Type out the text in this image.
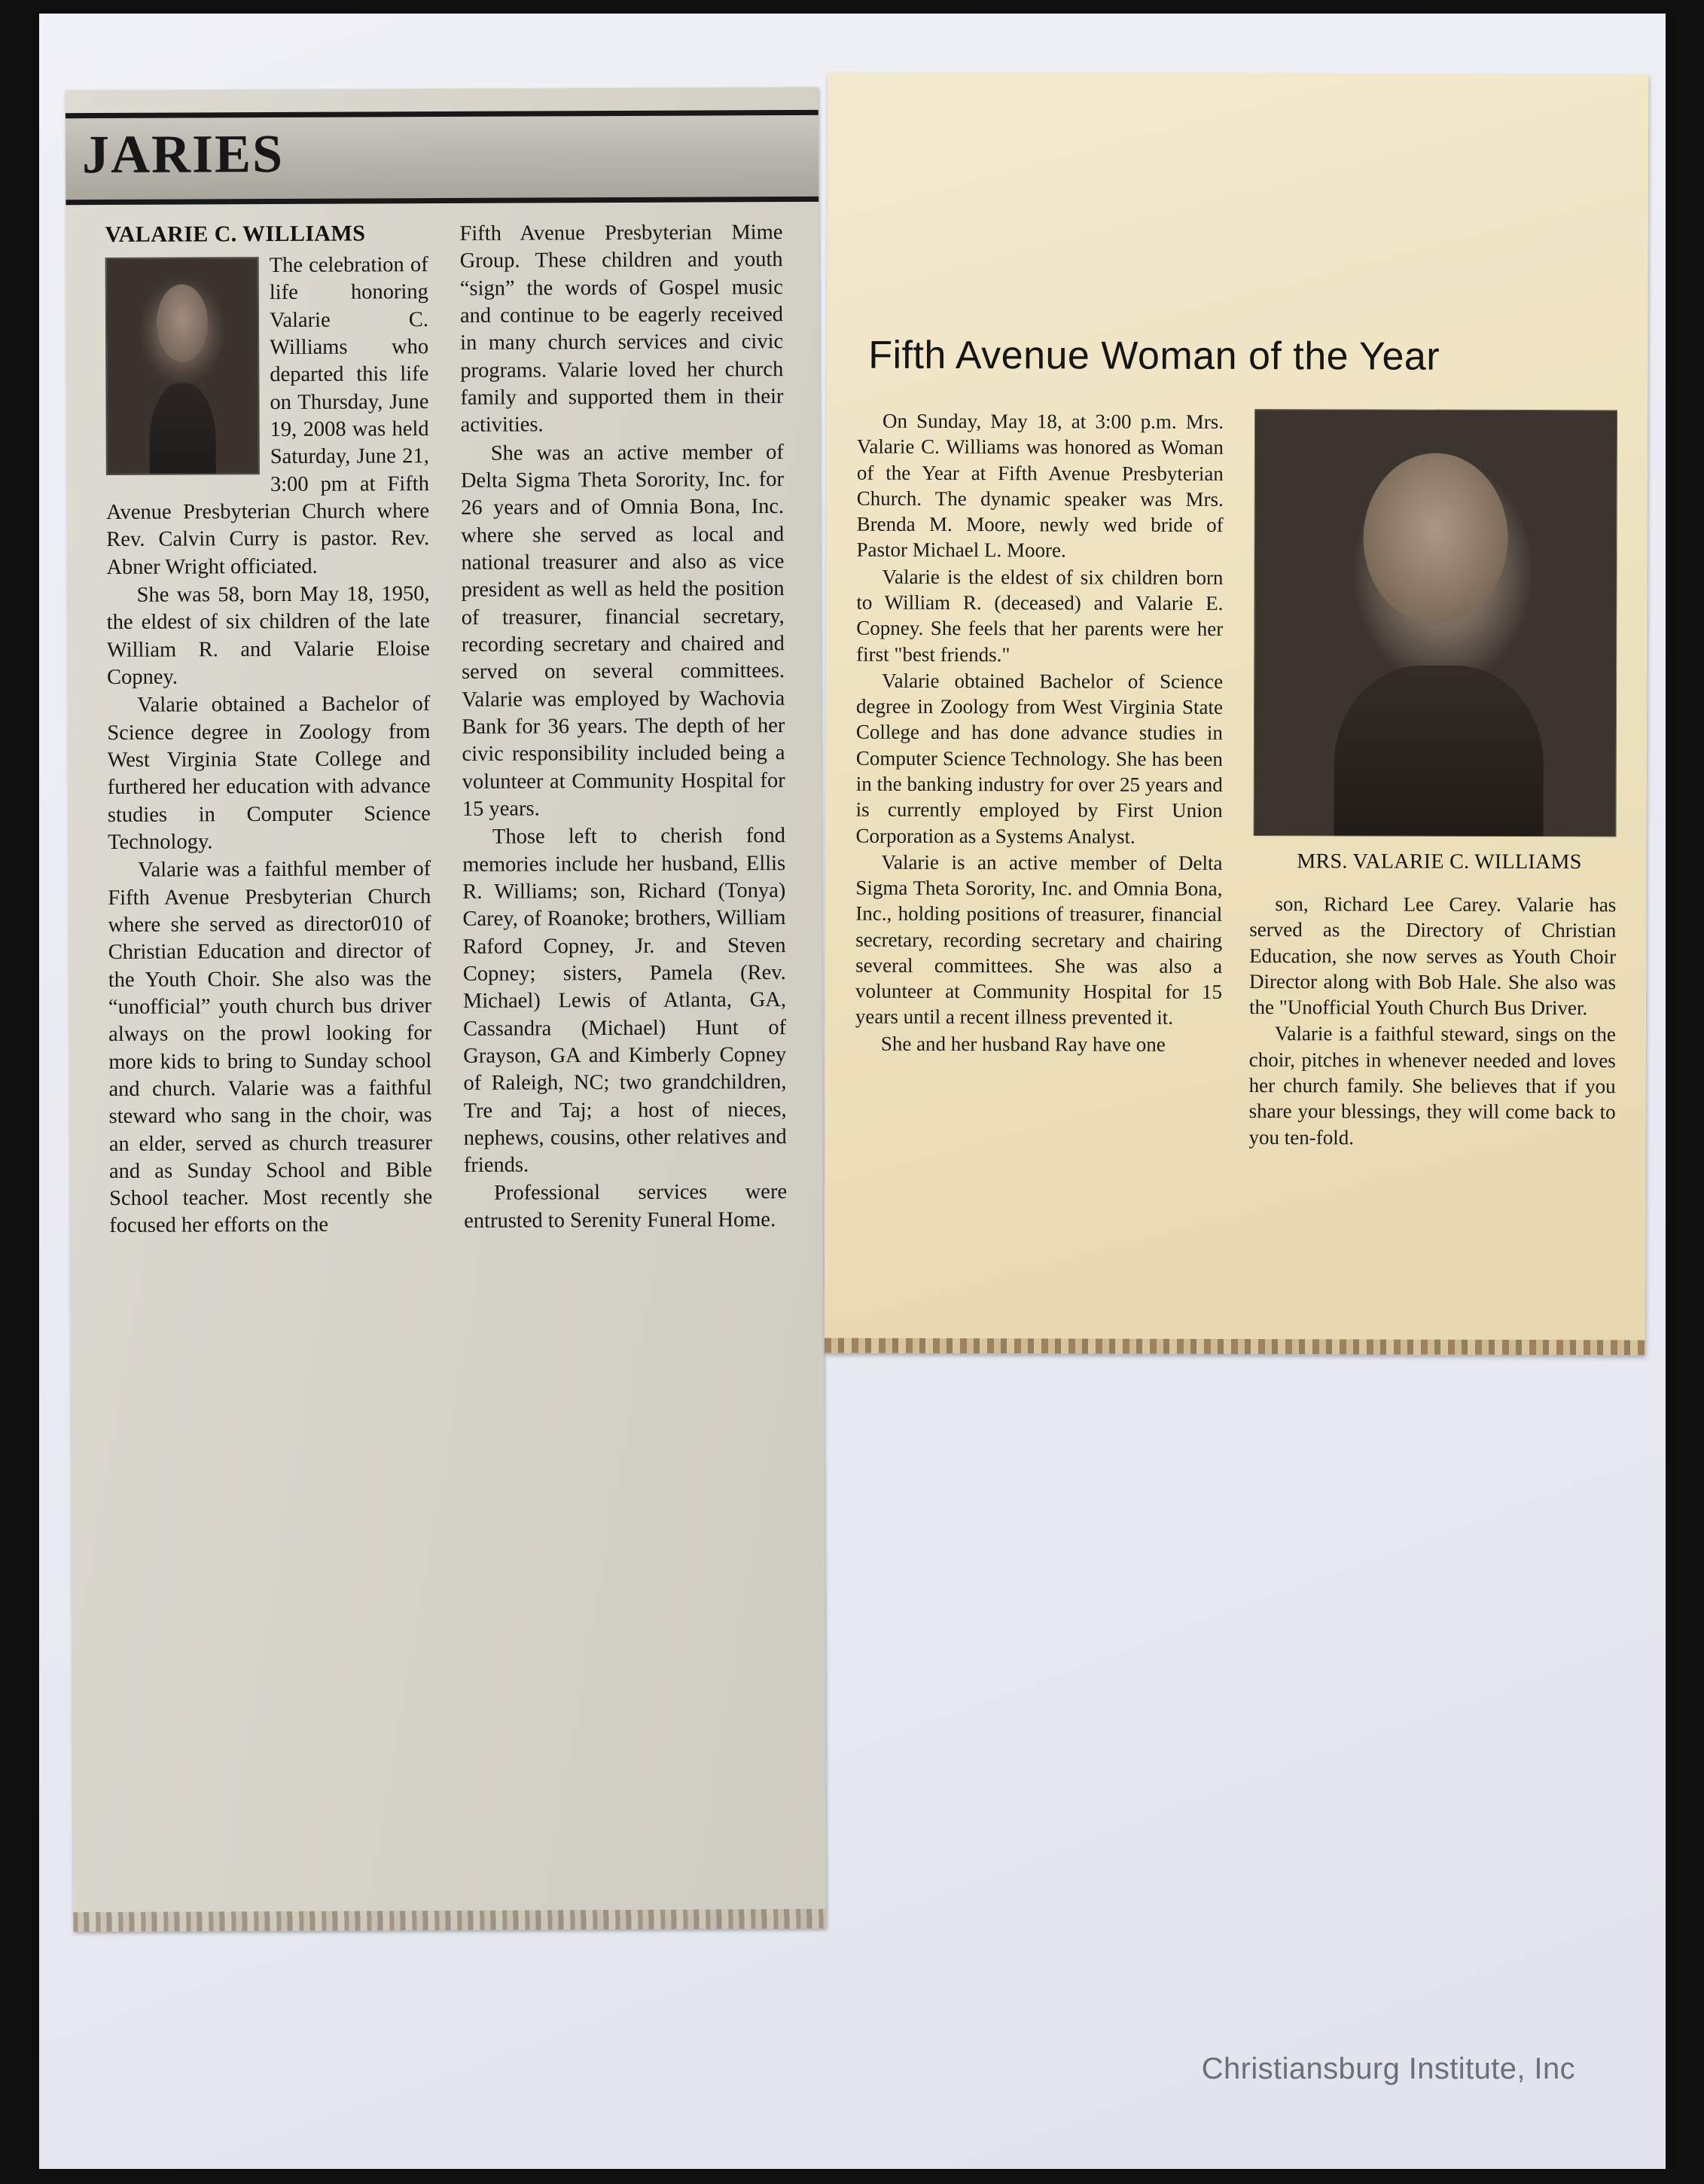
JARIES
VALARIE C. WILLIAMS

The celebration of life honoring Valarie C. Williams who departed this life on Thursday, June 19, 2008 was held Saturday, June 21, 3:00 pm at Fifth Avenue Presbyterian Church where Rev. Calvin Curry is pastor. Rev. Abner Wright officiated.

She was 58, born May 18, 1950, the eldest of six children of the late William R. and Valarie Eloise Copney.

Valarie obtained a Bachelor of Science degree in Zoology from West Virginia State College and furthered her education with advance studies in Computer Science Technology.

Valarie was a faithful member of Fifth Avenue Presbyterian Church where she served as director010 of Christian Education and director of the Youth Choir. She also was the “unofficial” youth church bus driver always on the prowl looking for more kids to bring to Sunday school and church. Valarie was a faithful steward who sang in the choir, was an elder, served as church treasurer and as Sunday School and Bible School teacher. Most recently she focused her efforts on the

Fifth Avenue Presbyterian Mime Group. These children and youth “sign” the words of Gospel music and continue to be eagerly received in many church services and civic programs. Valarie loved her church family and supported them in their activities.

She was an active member of Delta Sigma Theta Sorority, Inc. for 26 years and of Omnia Bona, Inc. where she served as local and national treasurer and also as vice president as well as held the position of treasurer, financial secretary, recording secretary and chaired and served on several committees. Valarie was employed by Wachovia Bank for 36 years. The depth of her civic responsibility included being a volunteer at Community Hospital for 15 years.

Those left to cherish fond memories include her husband, Ellis R. Williams; son, Richard (Tonya) Carey, of Roanoke; brothers, William Raford Copney, Jr. and Steven Copney; sisters, Pamela (Rev. Michael) Lewis of Atlanta, GA, Cassandra (Michael) Hunt of Grayson, GA and Kimberly Copney of Raleigh, NC; two grandchildren, Tre and Taj; a host of nieces, nephews, cousins, other relatives and friends.

Professional services were entrusted to Serenity Funeral Home.

Fifth Avenue Woman of the Year

On Sunday, May 18, at 3:00 p.m. Mrs. Valarie C. Williams was honored as Woman of the Year at Fifth Avenue Presbyterian Church. The dynamic speaker was Mrs. Brenda M. Moore, newly wed bride of Pastor Michael L. Moore.

Valarie is the eldest of six children born to William R. (deceased) and Valarie E. Copney. She feels that her parents were her first "best friends."

Valarie obtained Bachelor of Science degree in Zoology from West Virginia State College and has done advance studies in Computer Science Technology. She has been in the banking industry for over 25 years and is currently employed by First Union Corporation as a Systems Analyst.

Valarie is an active member of Delta Sigma Theta Sorority, Inc. and Omnia Bona, Inc., holding positions of treasurer, financial secretary, recording secretary and chairing several committees. She was also a volunteer at Community Hospital for 15 years until a recent illness prevented it.

She and her husband Ray have one

son, Richard Lee Carey. Valarie has served as the Directory of Christian Education, she now serves as Youth Choir Director along with Bob Hale. She also was the "Unofficial Youth Church Bus Driver.

Valarie is a faithful steward, sings on the choir, pitches in whenever needed and loves her church family. She believes that if you share your blessings, they will come back to you ten-fold.

MRS. VALARIE C. WILLIAMS
Christiansburg Institute, Inc
